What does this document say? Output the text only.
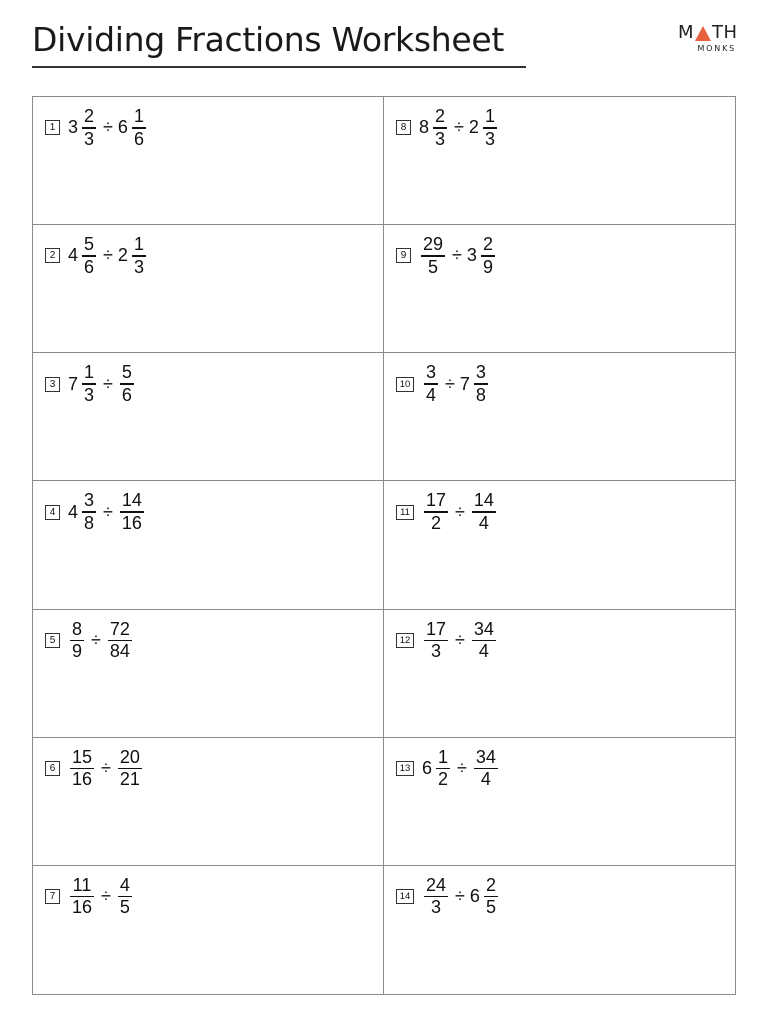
Dividing Fractions Worksheet	M TH
MONKS
1 $3 \frac{2}{3} \div 6 \frac{1}{6}$	8 $8 \frac{2}{3} \div 2 \frac{1}{3}$
2 $4 \frac{5}{6} \div 2 \frac{1}{3}$	$9 \frac{29}{5} \div 3 \frac{2}{9}$
3 $7 \frac{1}{3} \div \frac{5}{6}$	$10 \frac{3}{4} \div 7 \frac{3}{8}$
4 $4 \frac{3}{8} \div \frac{14}{16}$	$11 \frac{17}{2} \div \frac{14}{4}$
$5 \frac{8}{9} \div \frac{72}{84}$	$12 \frac{17}{3} \div \frac{34}{4}$
$6 \frac{15}{16} \div \frac{20}{21}$	13 $6 \frac{1}{2} \div \frac{34}{4}$
$7 \frac{11}{16} \div \frac{4}{5}$	$14 \frac{24}{3} \div 6 \frac{2}{5}$
